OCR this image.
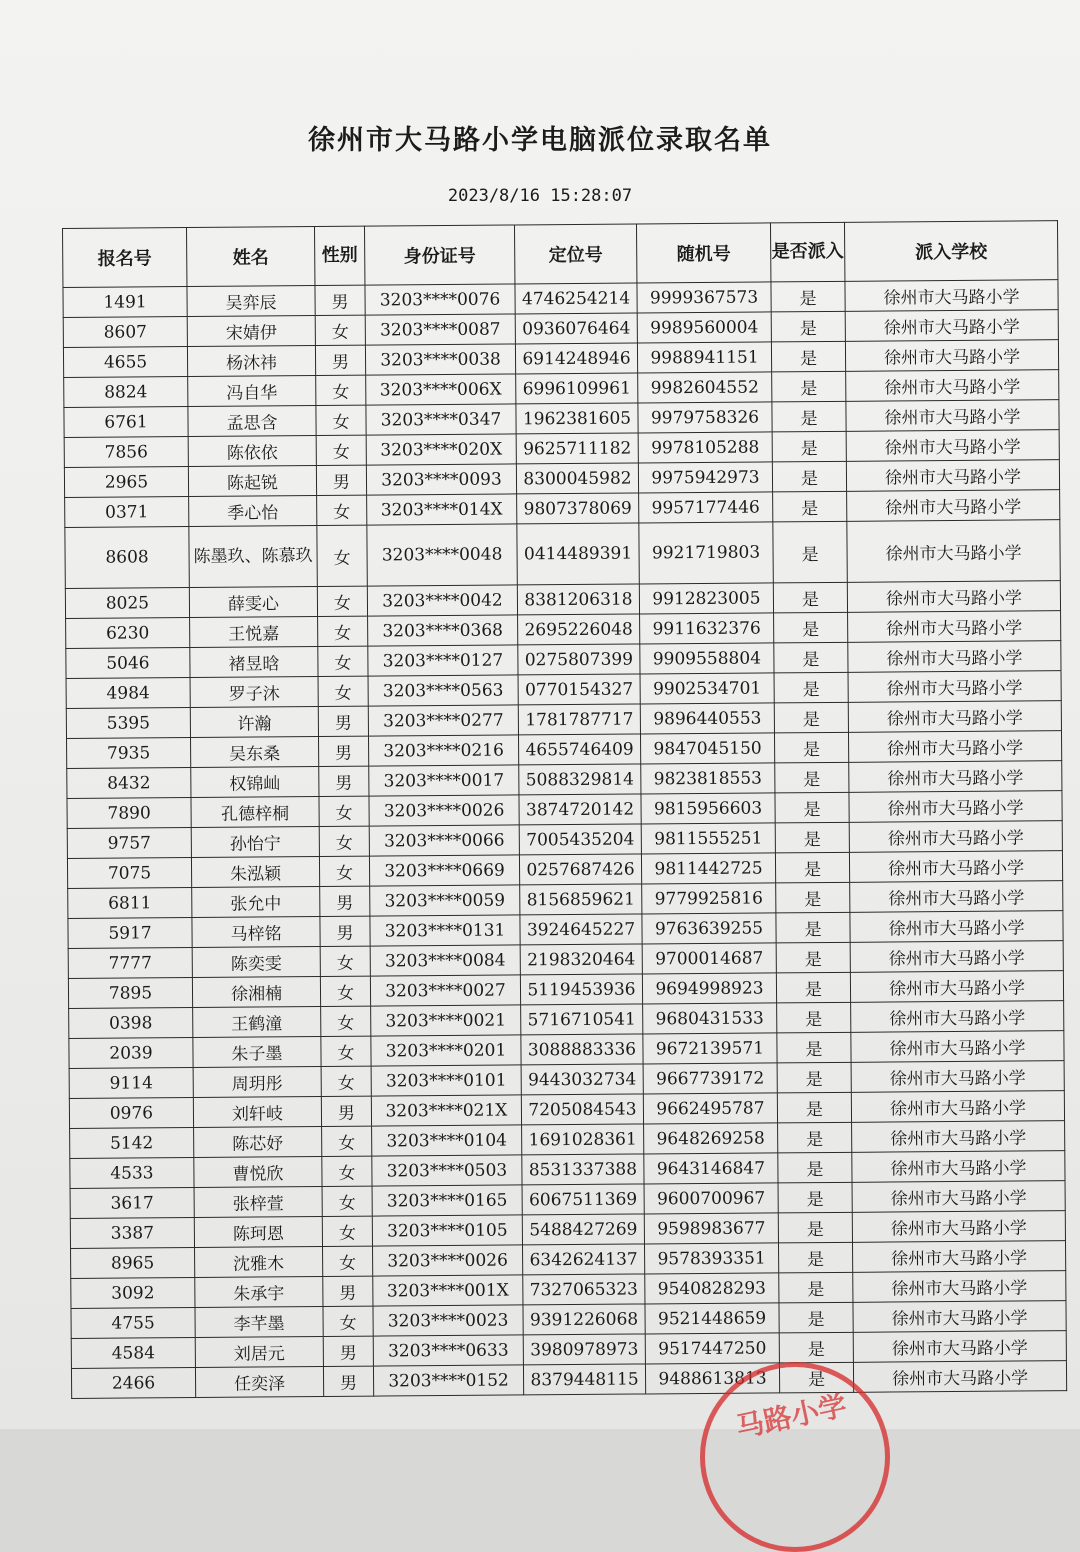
徐州市大马路小学电脑派位录取名单
2023/8/16 15:28:07
报名号	姓名	性别	身份证号	定位号	随机号	是否派入	派入学校
1491	吴弈辰	男	3203****0076	4746254214	9999367573	是	徐州市大马路小学
8607	宋婧伊	女	3203****0087	0936076464	9989560004	是	徐州市大马路小学
4655	杨沐祎	男	3203****0038	6914248946	9988941151	是	徐州市大马路小学
8824	冯自华	女	3203****006X	6996109961	9982604552	是	徐州市大马路小学
6761	孟思含	女	3203****0347	1962381605	9979758326	是	徐州市大马路小学
7856	陈依依	女	3203****020X	9625711182	9978105288	是	徐州市大马路小学
2965	陈起锐	男	3203****0093	8300045982	9975942973	是	徐州市大马路小学
0371	季心怡	女	3203****014X	9807378069	9957177446	是	徐州市大马路小学
8608	陈墨玖、陈慕玖	女	3203****0048	0414489391	9921719803	是	徐州市大马路小学
8025	薛雯心	女	3203****0042	8381206318	9912823005	是	徐州市大马路小学
6230	王悦嘉	女	3203****0368	2695226048	9911632376	是	徐州市大马路小学
5046	褚昱晗	女	3203****0127	0275807399	9909558804	是	徐州市大马路小学
4984	罗子沐	女	3203****0563	0770154327	9902534701	是	徐州市大马路小学
5395	许瀚	男	3203****0277	1781787717	9896440553	是	徐州市大马路小学
7935	吴东桑	男	3203****0216	4655746409	9847045150	是	徐州市大马路小学
8432	权锦屾	男	3203****0017	5088329814	9823818553	是	徐州市大马路小学
7890	孔德梓桐	女	3203****0026	3874720142	9815956603	是	徐州市大马路小学
9757	孙怡宁	女	3203****0066	7005435204	9811555251	是	徐州市大马路小学
7075	朱泓颖	女	3203****0669	0257687426	9811442725	是	徐州市大马路小学
6811	张允中	男	3203****0059	8156859621	9779925816	是	徐州市大马路小学
5917	马梓铭	男	3203****0131	3924645227	9763639255	是	徐州市大马路小学
7777	陈奕雯	女	3203****0084	2198320464	9700014687	是	徐州市大马路小学
7895	徐湘楠	女	3203****0027	5119453936	9694998923	是	徐州市大马路小学
0398	王鹤潼	女	3203****0021	5716710541	9680431533	是	徐州市大马路小学
2039	朱子墨	女	3203****0201	3088883336	9672139571	是	徐州市大马路小学
9114	周玥彤	女	3203****0101	9443032734	9667739172	是	徐州市大马路小学
0976	刘轩岐	男	3203****021X	7205084543	9662495787	是	徐州市大马路小学
5142	陈芯妤	女	3203****0104	1691028361	9648269258	是	徐州市大马路小学
4533	曹悦欣	女	3203****0503	8531337388	9643146847	是	徐州市大马路小学
3617	张梓萱	女	3203****0165	6067511369	9600700967	是	徐州市大马路小学
3387	陈珂恩	女	3203****0105	5488427269	9598983677	是	徐州市大马路小学
8965	沈雅木	女	3203****0026	6342624137	9578393351	是	徐州市大马路小学
3092	朱承宇	男	3203****001X	7327065323	9540828293	是	徐州市大马路小学
4755	李芊墨	女	3203****0023	9391226068	9521448659	是	徐州市大马路小学
4584	刘居元	男	3203****0633	3980978973	9517447250	是	徐州市大马路小学
2466	任奕泽	男	3203****0152	8379448115	9488613813	是	徐州市大马路小学
马路小学
